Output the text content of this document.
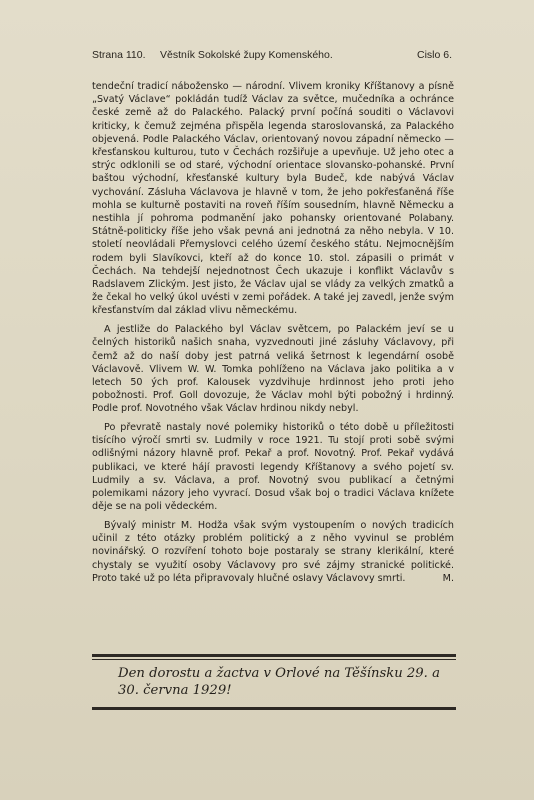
Strana 110. Věstník Sokolské župy Komenského.	Cislo 6.

tendeční tradicí nábožensko — národní. Vlivem kroniky Kříštanovy a písně „Svatý Václave“ pokládán tudíž Václav za světce, mučedníka a ochránce české země až do Palackého. Palacký první počíná souditi o Václavovi kriticky, k čemuž zejména přispěla legenda staroslovanská, za Palackého objevená. Podle Palackého Václav, orientovaný novou západní německo — křesťanskou kulturou, tuto v Čechách rozšiřuje a upevňuje. Už jeho otec a strýc odklonili se od staré, východní orientace slovansko-pohanské. První baštou východní, křesťanské kultury byla Budeč, kde nabývá Václav vychování. Zásluha Václavova je hlavně v tom, že jeho pokřesťaněná říše mohla se kulturně postaviti na roveň říším sousedním, hlavně Německu a nestihla jí pohroma podmanění jako pohansky orientované Polabany. Státně-politicky říše jeho však pevná ani jednotná za něho nebyla. V 10. století neovládali Přemyslovci celého území českého státu. Nejmocnějším rodem byli Slavíkovci, kteří až do konce 10. stol. zápasili o primát v Čechách. Na tehdejší nejednotnost Čech ukazuje i konflikt Václavův s Radslavem Zlickým. Jest jisto, že Václav ujal se vlády za velkých zmatků a že čekal ho velký úkol uvésti v zemi pořádek. A také jej zavedl, jenže svým křesťanstvím dal základ vlivu německému.

A jestliže do Palackého byl Václav světcem, po Palackém jeví se u čelných historiků našich snaha, vyzvednouti jiné zásluhy Václavovy, při čemž až do naší doby jest patrná veliká šetrnost k legendární osobě Václavově. Vlivem W. W. Tomka pohlíženo na Václava jako politika a v letech 50 ých prof. Kalousek vyzdvihuje hrdinnost jeho proti jeho pobožnosti. Prof. Goll dovozuje, že Václav mohl býti pobožný i hrdinný. Podle prof. Novotného však Václav hrdinou nikdy nebyl.

Po převratě nastaly nové polemiky historiků o této době u příležitosti tisícího výročí smrti sv. Ludmily v roce 1921. Tu stojí proti sobě svými odlišnými názory hlavně prof. Pekař a prof. Novotný. Prof. Pekař vydává publikaci, ve které hájí pravosti legendy Kříštanovy a svého pojetí sv. Ludmily a sv. Václava, a prof. Novotný svou publikací a četnými polemikami názory jeho vyvrací. Dosud však boj o tradici Václava knížete děje se na poli vědeckém.

Bývalý ministr M. Hodža však svým vystoupením o nových tradicích učinil z této otázky problém politický a z něho vyvinul se problém novinářský. O rozvíření tohoto boje postaraly se strany klerikální, které chystaly se využití osoby Václavovy pro své zájmy stranické politické. Proto také už po léta připravovaly hlučné oslavy Václavovy smrti.	M.

Den dorostu a žactva v Orlové na Těšínsku 29. a 30. června 1929!
